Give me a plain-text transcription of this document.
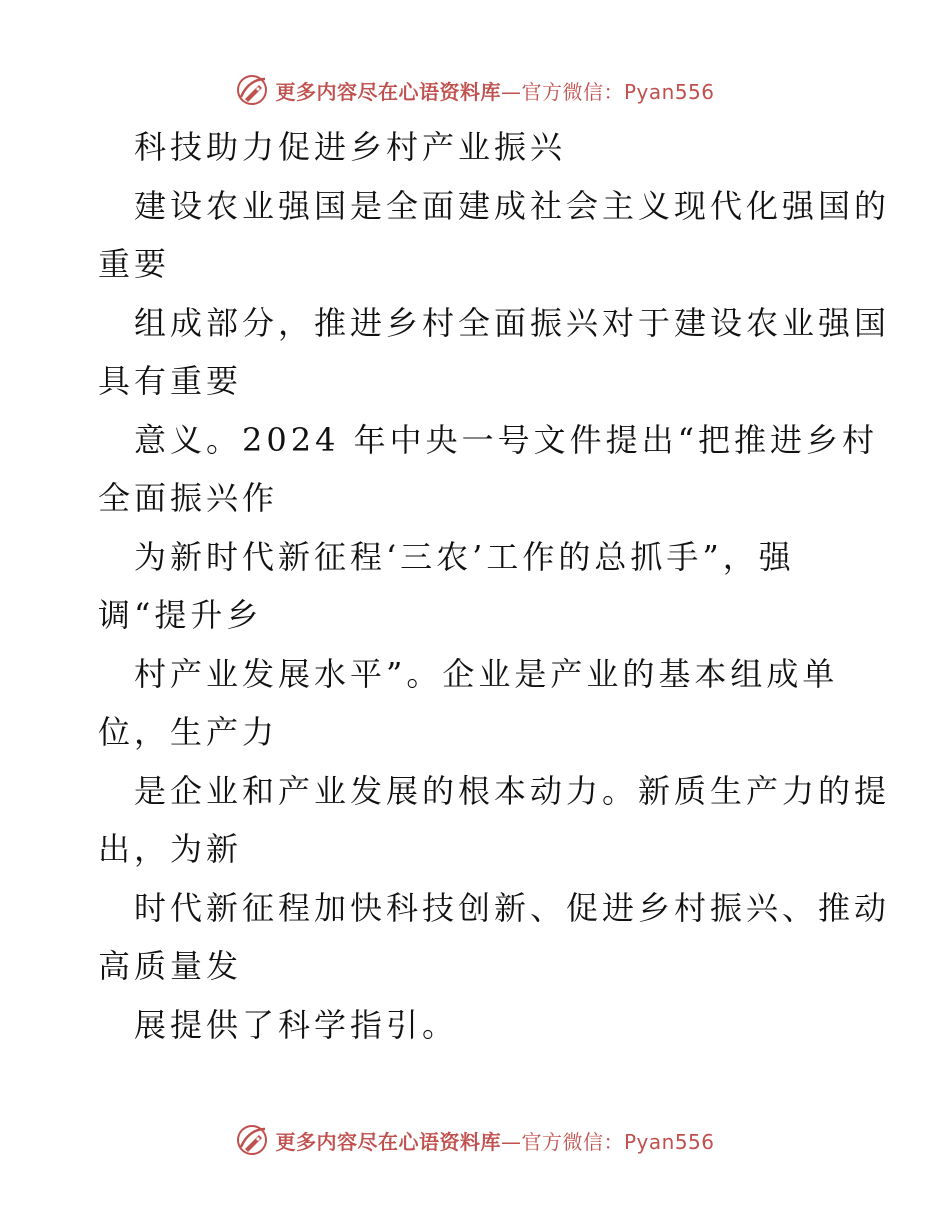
更多内容尽在心语资料库—官方微信：Pyan556
科技助力促进乡村产业振兴
建设农业强国是全面建成社会主义现代化强国的
重要
组成部分，推进乡村全面振兴对于建设农业强国
具有重要
意义。2024 年中央一号文件提出“把推进乡村
全面振兴作
为新时代新征程‘三农’工作的总抓手”，强
调“提升乡
村产业发展水平”。企业是产业的基本组成单
位，生产力
是企业和产业发展的根本动力。新质生产力的提
出，为新
时代新征程加快科技创新、促进乡村振兴、推动
高质量发
展提供了科学指引。
更多内容尽在心语资料库—官方微信：Pyan556
